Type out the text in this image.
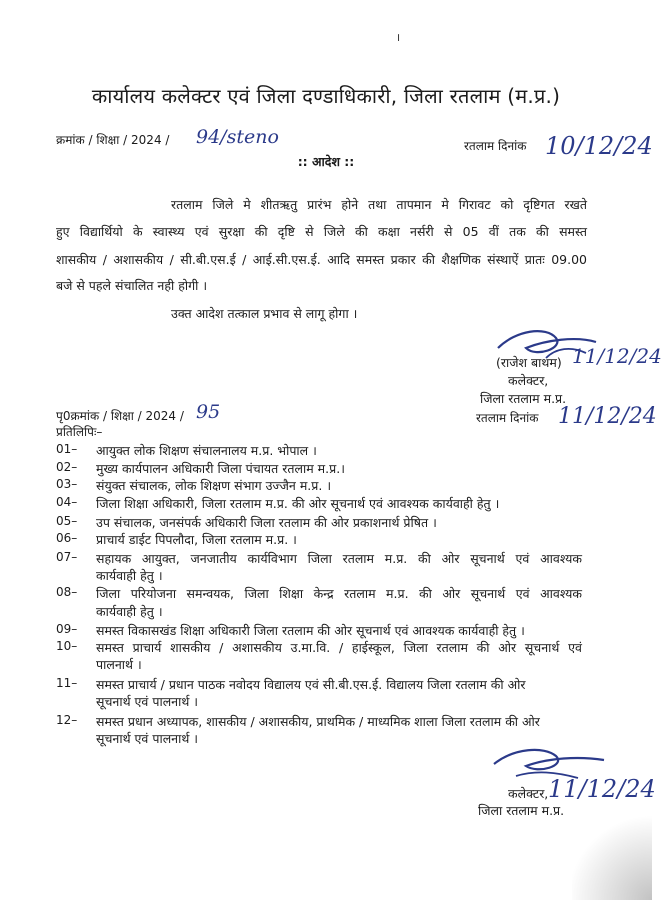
।
कार्यालय कलेक्टर एवं जिला दण्डाधिकारी, जिला रतलाम (म.प्र.)
क्रमांक / शिक्षा / 2024 / 94/steno	रतलाम दिनांक 10/12/24
:: आदेश ::
रतलाम जिले मे शीतऋतु प्रारंभ होने तथा तापमान मे गिरावट को दृष्टिगत रखते
हुए विद्यार्थियो के स्वास्थ्य एवं सुरक्षा की दृष्टि से जिले की कक्षा नर्सरी से 05 वीं तक की समस्त
शासकीय / अशासकीय / सी.बी.एस.ई / आई.सी.एस.ई. आदि समस्त प्रकार की शैक्षणिक संस्थाऐं प्रातः 09.00
बजे से पहले संचालित नही होगी ।
उक्त आदेश तत्काल प्रभाव से लागू होगा ।
(राजेश बाथम) 11/12/24
कलेक्टर,
जिला रतलाम म.प्र.
पृ0क्रमांक / शिक्षा / 2024 / 95	रतलाम दिनांक 11/12/24
प्रतिलिपिः–
01– आयुक्त लोक शिक्षण संचालनालय म.प्र. भोपाल ।
02– मुख्य कार्यपालन अधिकारी जिला पंचायत रतलाम म.प्र.।
03– संयुक्त संचालक, लोक शिक्षण संभाग उज्जैन म.प्र. ।
04– जिला शिक्षा अधिकारी, जिला रतलाम म.प्र. की ओर सूचनार्थ एवं आवश्यक कार्यवाही हेतु ।
05– उप संचालक, जनसंपर्क अधिकारी जिला रतलाम की ओर प्रकाशनार्थ प्रेषित ।
06– प्राचार्य डाईट पिपलौदा, जिला रतलाम म.प्र. ।
07– सहायक आयुक्त, जनजातीय कार्यविभाग जिला रतलाम म.प्र. की ओर सूचनार्थ एवं आवश्यक
कार्यवाही हेतु ।
08– जिला परियोजना समन्वयक, जिला शिक्षा केन्द्र रतलाम म.प्र. की ओर सूचनार्थ एवं आवश्यक
कार्यवाही हेतु ।
09– समस्त विकासखंड शिक्षा अधिकारी जिला रतलाम की ओर सूचनार्थ एवं आवश्यक कार्यवाही हेतु ।
10– समस्त प्राचार्य शासकीय / अशासकीय उ.मा.वि. / हाईस्कूल, जिला रतलाम की ओर सूचनार्थ एवं
पालनार्थ ।
11– समस्त प्राचार्य / प्रधान पाठक नवोदय विद्यालय एवं सी.बी.एस.ई. विद्यालय जिला रतलाम की ओर
सूचनार्थ एवं पालनार्थ ।
12– समस्त प्रधान अध्यापक, शासकीय / अशासकीय, प्राथमिक / माध्यमिक शाला जिला रतलाम की ओर
सूचनार्थ एवं पालनार्थ ।
कलेक्टर, 11/12/24
जिला रतलाम म.प्र.
